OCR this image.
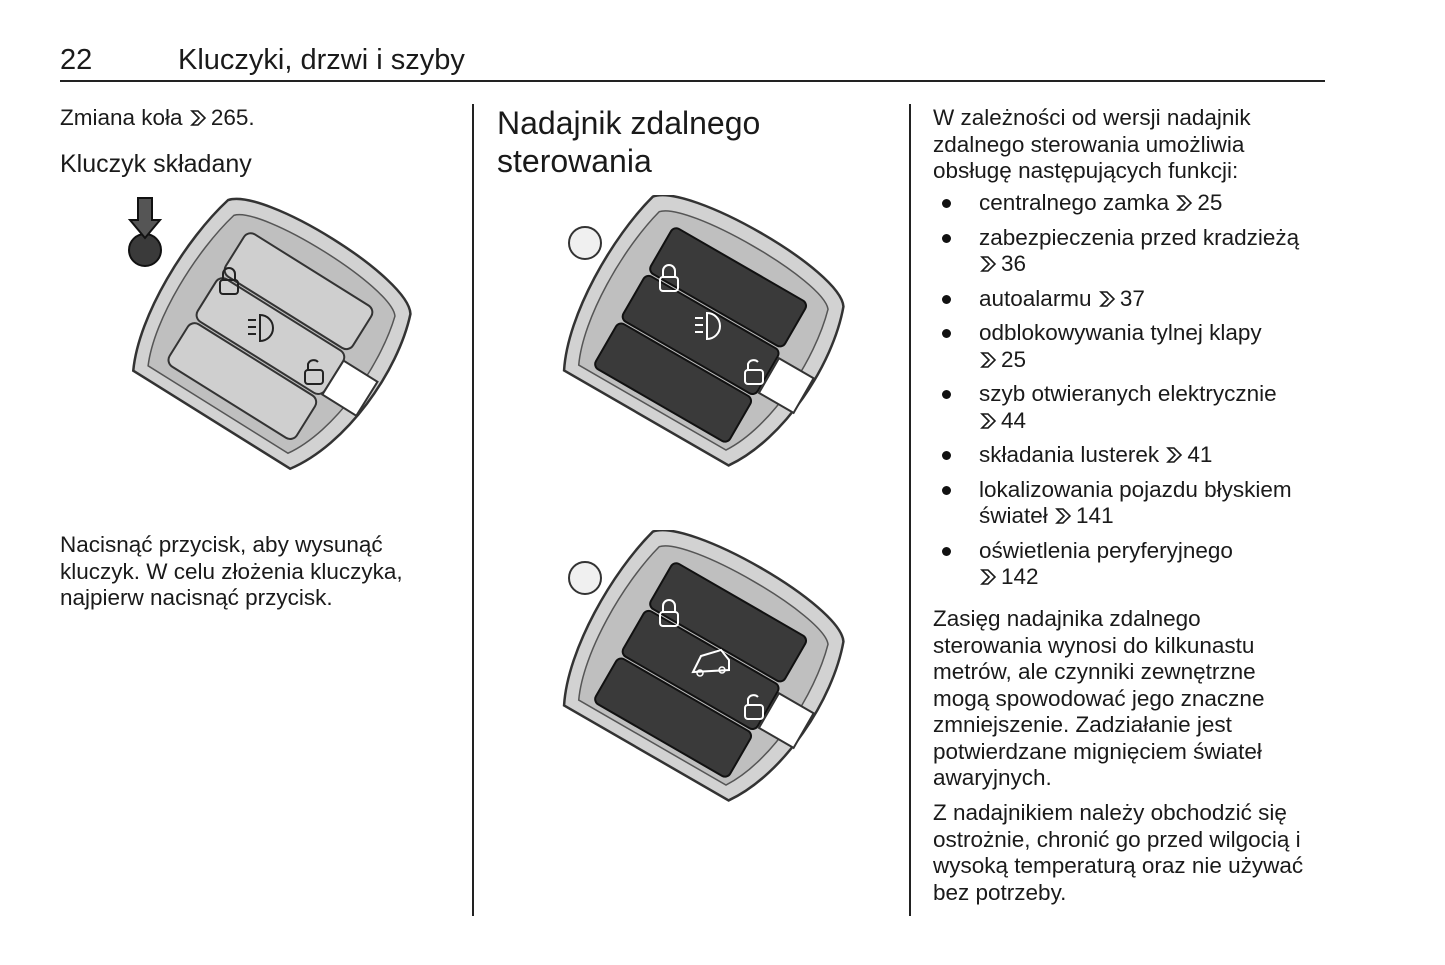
22	Kluczyki, drzwi i szyby
Zmiana koła 265.
Kluczyk składany
Nacisnąć przycisk, aby wysunąć
kluczyk. W celu złożenia kluczyka,
najpierw nacisnąć przycisk.
Nadajnik zdalnego
sterowania
W zależności od wersji nadajnik
zdalnego sterowania umożliwia
obsługę następujących funkcji:
centralnego zamka 25
zabezpieczenia przed kradzieżą
36
autoalarmu 37
odblokowywania tylnej klapy
25
szyb otwieranych elektrycznie
44
składania lusterek 41
lokalizowania pojazdu błyskiem
świateł 141
oświetlenia peryferyjnego
142
Zasięg nadajnika zdalnego
sterowania wynosi do kilkunastu
metrów, ale czynniki zewnętrzne
mogą spowodować jego znaczne
zmniejszenie. Zadziałanie jest
potwierdzane mignięciem świateł
awaryjnych.
Z nadajnikiem należy obchodzić się
ostrożnie, chronić go przed wilgocią i
wysoką temperaturą oraz nie używać
bez potrzeby.
